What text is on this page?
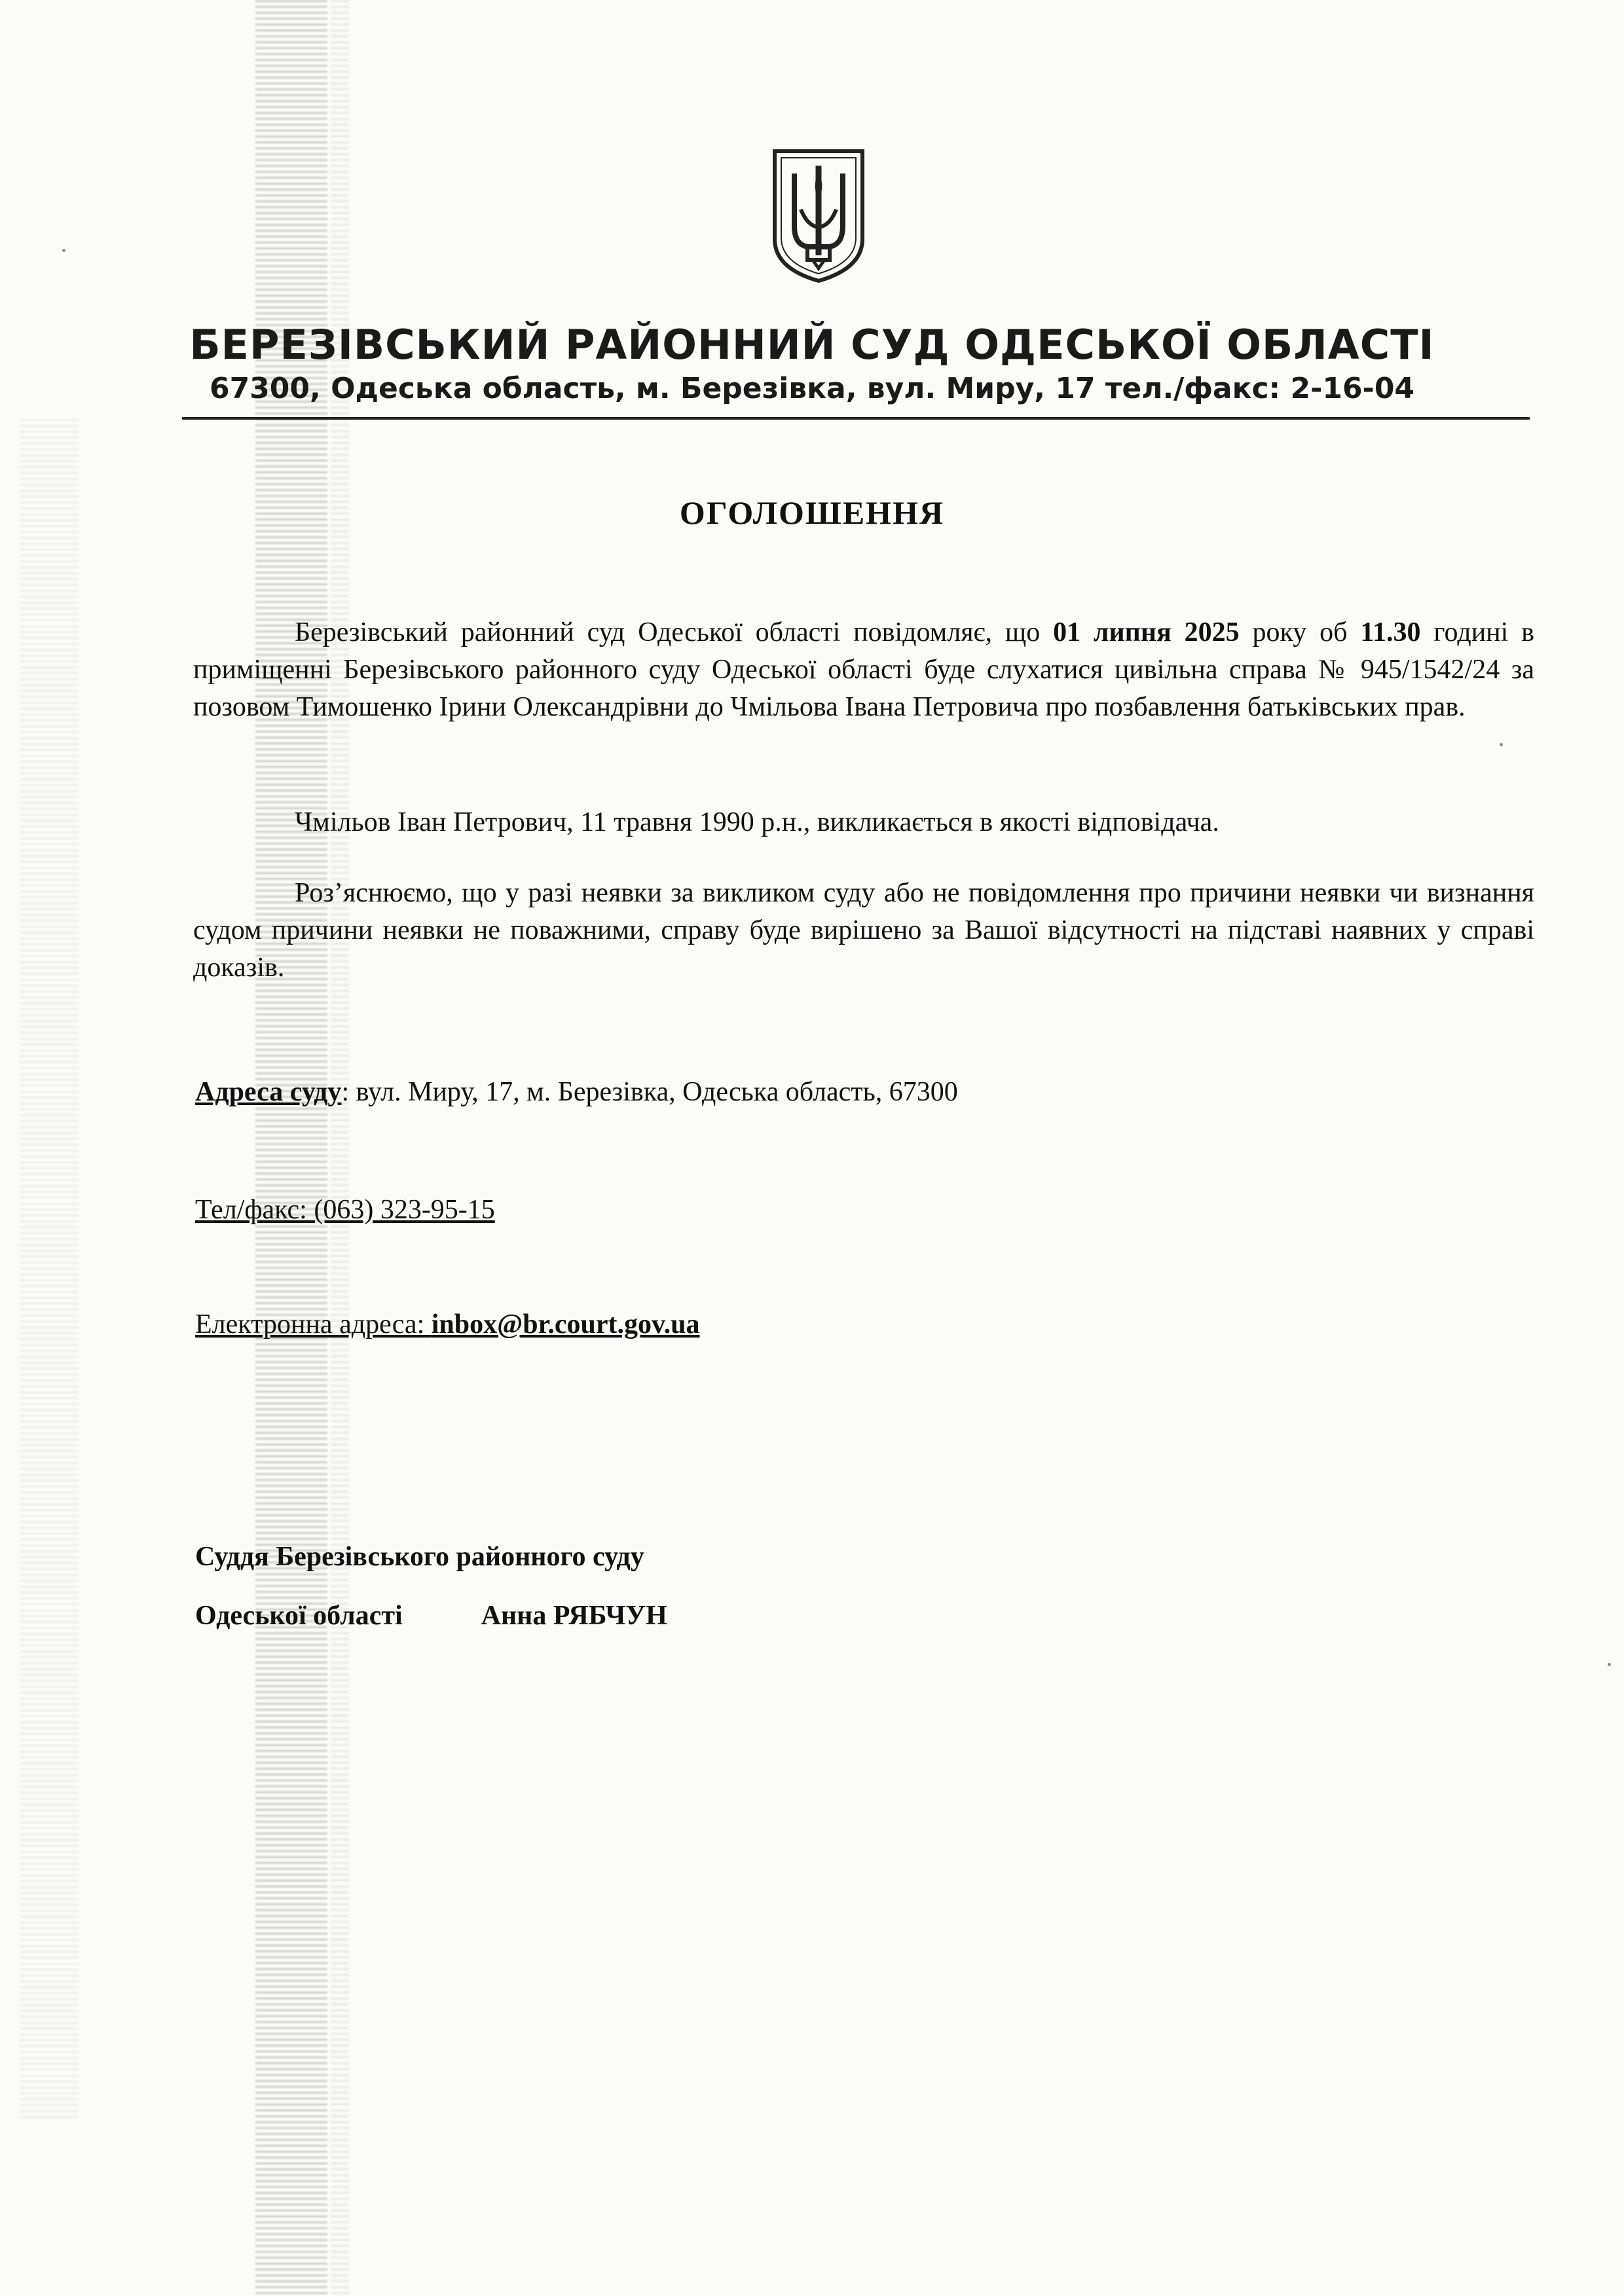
БЕРЕЗІВСЬКИЙ РАЙОННИЙ СУД ОДЕСЬКОЇ ОБЛАСТІ
67300, Одеська область, м. Березівка, вул. Миру, 17 тел./факс: 2-16-04
ОГОЛОШЕННЯ
Березівський районний суд Одеської області повідомляє, що 01 липня 2025 року об 11.30 годині в приміщенні Березівського районного суду Одеської області буде слухатися цивільна справа № 945/1542/24 за позовом Тимошенко Ірини Олександрівни до Чмільова Івана Петровича про позбавлення батьківських прав.
Чмільов Іван Петрович, 11 травня 1990 р.н., викликається в якості відповідача.
Роз’яснюємо, що у разі неявки за викликом суду або не повідомлення про причини неявки чи визнання судом причини неявки не поважними, справу буде вирішено за Вашої відсутності на підставі наявних у справі доказів.
Адреса суду: вул. Миру, 17, м. Березівка, Одеська область, 67300
Тел/факс: (063) 323-95-15
Електронна адреса: inbox@br.court.gov.ua
Суддя Березівського районного суду
Одеської області	Анна РЯБЧУН
